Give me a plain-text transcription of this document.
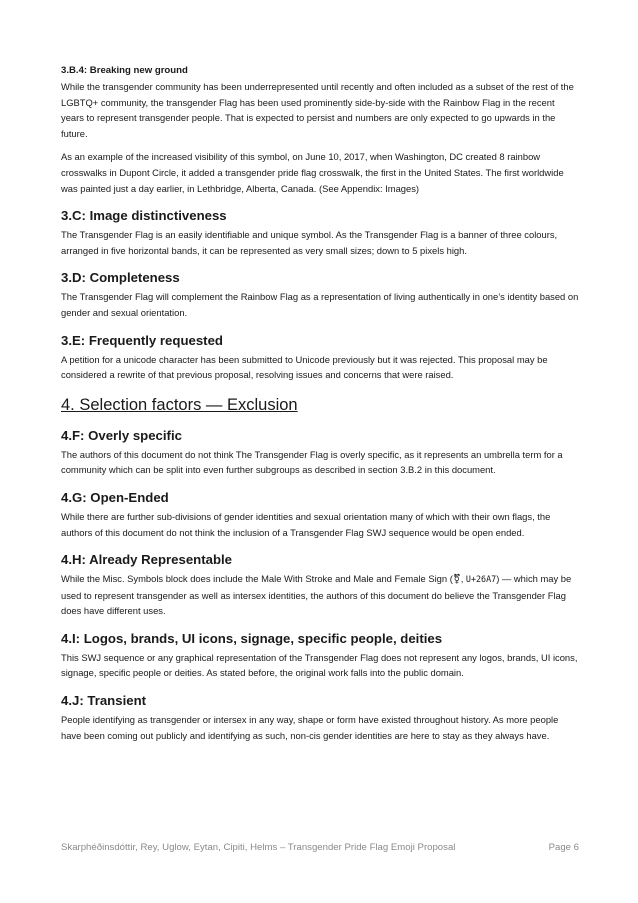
3.B.4: Breaking new ground

While the transgender community has been underrepresented until recently and often included as a subset of the rest of the LGBTQ+ community, the transgender Flag has been used prominently side-by-side with the Rainbow Flag in the recent years to represent transgender people. That is expected to persist and numbers are only expected to go upwards in the future.

As an example of the increased visibility of this symbol, on June 10, 2017, when Washington, DC created 8 rainbow crosswalks in Dupont Circle, it added a transgender pride flag crosswalk, the first in the United States. The first worldwide was painted just a day earlier, in Lethbridge, Alberta, Canada. (See Appendix: Images)

3.C: Image distinctiveness

The Transgender Flag is an easily identifiable and unique symbol. As the Transgender Flag is a banner of three colours, arranged in five horizontal bands, it can be represented as very small sizes; down to 5 pixels high.

3.D: Completeness

The Transgender Flag will complement the Rainbow Flag as a representation of living authentically in one’s identity based on gender and sexual orientation.

3.E: Frequently requested

A petition for a unicode character has been submitted to Unicode previously but it was rejected. This proposal may be considered a rewrite of that previous proposal, resolving issues and concerns that were raised.

4. Selection factors — Exclusion
4.F: Overly specific

The authors of this document do not think The Transgender Flag is overly specific, as it represents an umbrella term for a community which can be split into even further subgroups as described in section 3.B.2 in this document.

4.G: Open-Ended

While there are further sub-divisions of gender identities and sexual orientation many of which with their own flags, the authors of this document do not think the inclusion of a Transgender Flag SWJ sequence would be open ended.

4.H: Already Representable

While the Misc. Symbols block does include the Male With Stroke and Male and Female Sign (⚧, U+26A7) — which may be used to represent transgender as well as intersex identities, the authors of this document do believe the Transgender Flag does have different uses.

4.I: Logos, brands, UI icons, signage, specific people, deities

This SWJ sequence or any graphical representation of the Transgender Flag does not represent any logos, brands, UI icons, signage, specific people or deities. As stated before, the original work falls into the public domain.

4.J: Transient

People identifying as transgender or intersex in any way, shape or form have existed throughout history. As more people have been coming out publicly and identifying as such, non-cis gender identities are here to stay as they always have.

Skarphéðinsdóttir, Rey, Uglow, Eytan, Cipiti, Helms – Transgender Pride Flag Emoji Proposal	Page 6
